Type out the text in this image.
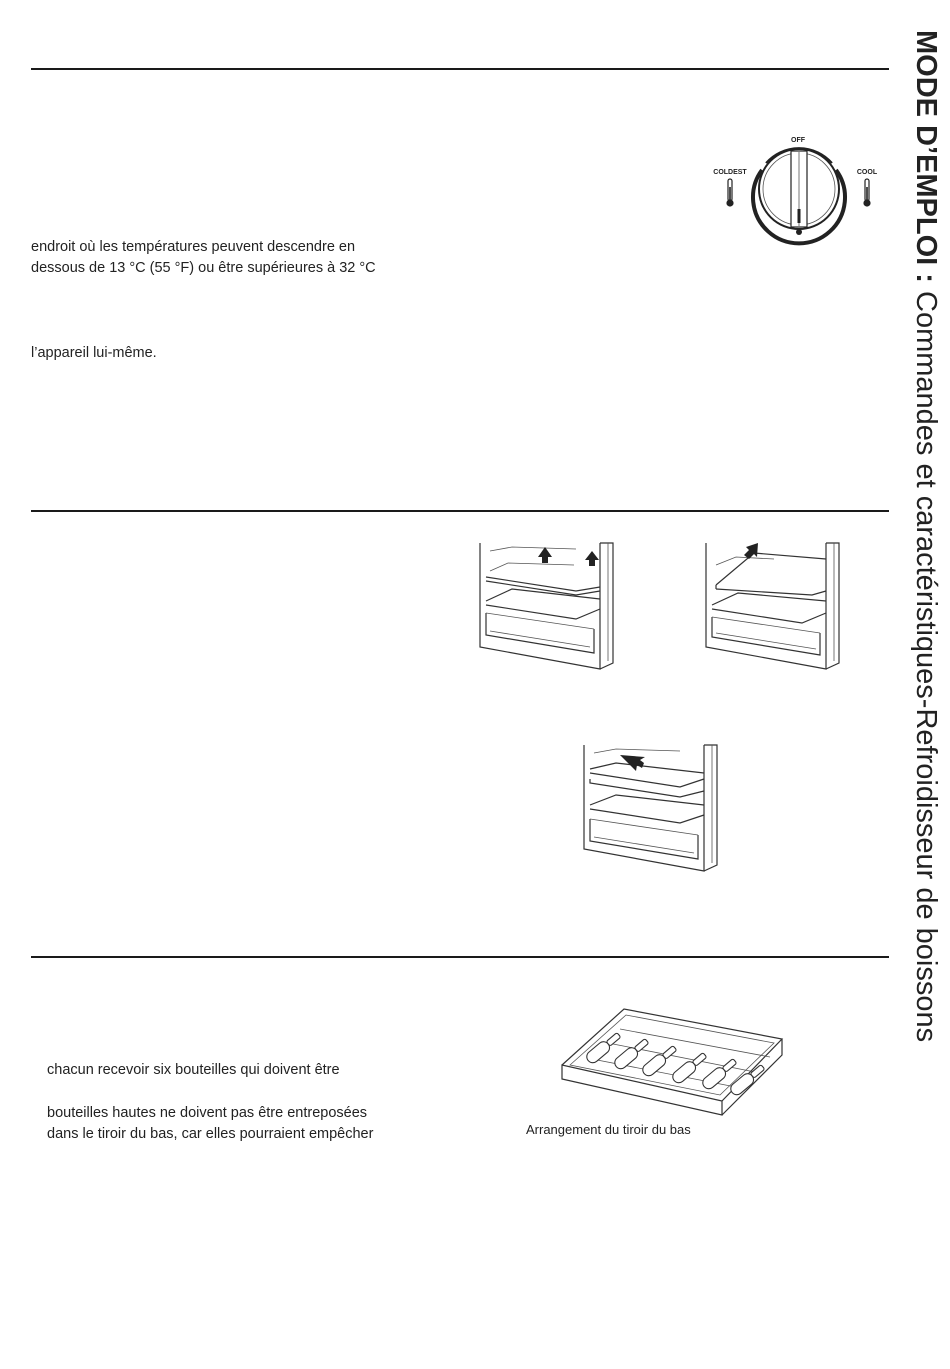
endroit où les températures peuvent descendre en
dessous de 13 °C (55 °F) ou être supérieures à 32 °C
l’appareil lui-même.
OFF
COLDEST	COOL
chacun recevoir six bouteilles qui doivent être
bouteilles hautes ne doivent pas être entreposées
dans le tiroir du bas, car elles pourraient empêcher	Arrangement du tiroir du bas
MODE D’EMPLOI : Commandes et caractéristiques-Refroidisseur de boissons
